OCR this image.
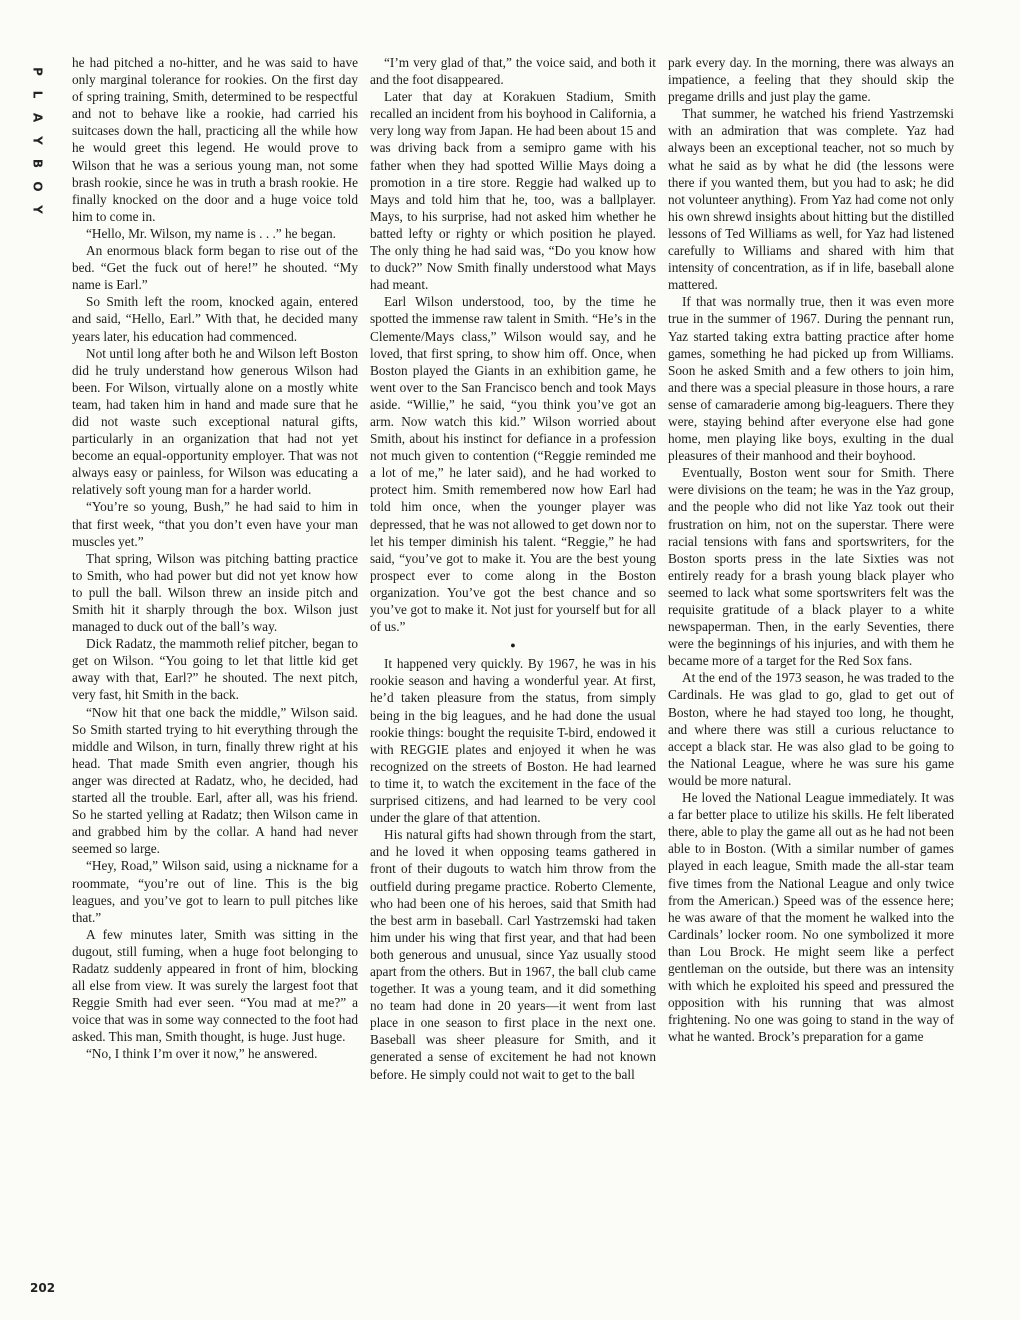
P
L
A
Y
B
O
Y

he had pitched a no-hitter, and he was said to have only marginal tolerance for rookies. On the first day of spring training, Smith, determined to be respectful and not to behave like a rookie, had carried his suitcases down the hall, practicing all the while how he would greet this legend. He would prove to Wilson that he was a serious young man, not some brash rookie, since he was in truth a brash rookie. He finally knocked on the door and a huge voice told him to come in.

“Hello, Mr. Wilson, my name is . . .” he began.

An enormous black form began to rise out of the bed. “Get the fuck out of here!” he shouted. “My name is Earl.”

So Smith left the room, knocked again, entered and said, “Hello, Earl.” With that, he decided many years later, his education had commenced.

Not until long after both he and Wilson left Boston did he truly understand how generous Wilson had been. For Wilson, virtually alone on a mostly white team, had taken him in hand and made sure that he did not waste such exceptional natural gifts, particularly in an organization that had not yet become an equal-opportunity employer. That was not always easy or painless, for Wilson was educating a relatively soft young man for a harder world.

“You’re so young, Bush,” he had said to him in that first week, “that you don’t even have your man muscles yet.”

That spring, Wilson was pitching batting practice to Smith, who had power but did not yet know how to pull the ball. Wilson threw an inside pitch and Smith hit it sharply through the box. Wilson just managed to duck out of the ball’s way.

Dick Radatz, the mammoth relief pitcher, began to get on Wilson. “You going to let that little kid get away with that, Earl?” he shouted. The next pitch, very fast, hit Smith in the back.

“Now hit that one back the middle,” Wilson said. So Smith started trying to hit everything through the middle and Wilson, in turn, finally threw right at his head. That made Smith even angrier, though his anger was directed at Radatz, who, he decided, had started all the trouble. Earl, after all, was his friend. So he started yelling at Radatz; then Wilson came in and grabbed him by the collar. A hand had never seemed so large.

“Hey, Road,” Wilson said, using a nickname for a roommate, “you’re out of line. This is the big leagues, and you’ve got to learn to pull pitches like that.”

A few minutes later, Smith was sitting in the dugout, still fuming, when a huge foot belonging to Radatz suddenly appeared in front of him, blocking all else from view. It was surely the largest foot that Reggie Smith had ever seen. “You mad at me?” a voice that was in some way connected to the foot had asked. This man, Smith thought, is huge. Just huge.

“No, I think I’m over it now,” he answered.

“I’m very glad of that,” the voice said, and both it and the foot disappeared.

Later that day at Korakuen Stadium, Smith recalled an incident from his boyhood in California, a very long way from Japan. He had been about 15 and was driving back from a semipro game with his father when they had spotted Willie Mays doing a promotion in a tire store. Reggie had walked up to Mays and told him that he, too, was a ballplayer. Mays, to his surprise, had not asked him whether he batted lefty or righty or which position he played. The only thing he had said was, “Do you know how to duck?” Now Smith finally understood what Mays had meant.

Earl Wilson understood, too, by the time he spotted the immense raw talent in Smith. “He’s in the Clemente/Mays class,” Wilson would say, and he loved, that first spring, to show him off. Once, when Boston played the Giants in an exhibition game, he went over to the San Francisco bench and took Mays aside. “Willie,” he said, “you think you’ve got an arm. Now watch this kid.” Wilson worried about Smith, about his instinct for defiance in a profession not much given to contention (“Reggie reminded me a lot of me,” he later said), and he had worked to protect him. Smith remembered now how Earl had told him once, when the younger player was depressed, that he was not allowed to get down nor to let his temper diminish his talent. “Reggie,” he had said, “you’ve got to make it. You are the best young prospect ever to come along in the Boston organization. You’ve got the best chance and so you’ve got to make it. Not just for yourself but for all of us.”

●

It happened very quickly. By 1967, he was in his rookie season and having a wonderful year. At first, he’d taken pleasure from the status, from simply being in the big leagues, and he had done the usual rookie things: bought the requisite T-bird, endowed it with REGGIE plates and enjoyed it when he was recognized on the streets of Boston. He had learned to time it, to watch the excitement in the face of the surprised citizens, and had learned to be very cool under the glare of that attention.

His natural gifts had shown through from the start, and he loved it when opposing teams gathered in front of their dugouts to watch him throw from the outfield during pregame practice. Roberto Clemente, who had been one of his heroes, said that Smith had the best arm in baseball. Carl Yastrzemski had taken him under his wing that first year, and that had been both generous and unusual, since Yaz usually stood apart from the others. But in 1967, the ball club came together. It was a young team, and it did something no team had done in 20 years—it went from last place in one season to first place in the next one. Baseball was sheer pleasure for Smith, and it generated a sense of excitement he had not known before. He simply could not wait to get to the ball

park every day. In the morning, there was always an impatience, a feeling that they should skip the pregame drills and just play the game.

That summer, he watched his friend Yastrzemski with an admiration that was complete. Yaz had always been an exceptional teacher, not so much by what he said as by what he did (the lessons were there if you wanted them, but you had to ask; he did not volunteer anything). From Yaz had come not only his own shrewd insights about hitting but the distilled lessons of Ted Williams as well, for Yaz had listened carefully to Williams and shared with him that intensity of concentration, as if in life, baseball alone mattered.

If that was normally true, then it was even more true in the summer of 1967. During the pennant run, Yaz started taking extra batting practice after home games, something he had picked up from Williams. Soon he asked Smith and a few others to join him, and there was a special pleasure in those hours, a rare sense of camaraderie among big-leaguers. There they were, staying behind after everyone else had gone home, men playing like boys, exulting in the dual pleasures of their manhood and their boyhood.

Eventually, Boston went sour for Smith. There were divisions on the team; he was in the Yaz group, and the people who did not like Yaz took out their frustration on him, not on the superstar. There were racial tensions with fans and sportswriters, for the Boston sports press in the late Sixties was not entirely ready for a brash young black player who seemed to lack what some sportswriters felt was the requisite gratitude of a black player to a white newspaperman. Then, in the early Seventies, there were the beginnings of his injuries, and with them he became more of a target for the Red Sox fans.

At the end of the 1973 season, he was traded to the Cardinals. He was glad to go, glad to get out of Boston, where he had stayed too long, he thought, and where there was still a curious reluctance to accept a black star. He was also glad to be going to the National League, where he was sure his game would be more natural.

He loved the National League immediately. It was a far better place to utilize his skills. He felt liberated there, able to play the game all out as he had not been able to in Boston. (With a similar number of games played in each league, Smith made the all-star team five times from the National League and only twice from the American.) Speed was of the essence here; he was aware of that the moment he walked into the Cardinals’ locker room. No one symbolized it more than Lou Brock. He might seem like a perfect gentleman on the outside, but there was an intensity with which he exploited his speed and pressured the opposition with his running that was almost frightening. No one was going to stand in the way of what he wanted. Brock’s preparation for a game

202
